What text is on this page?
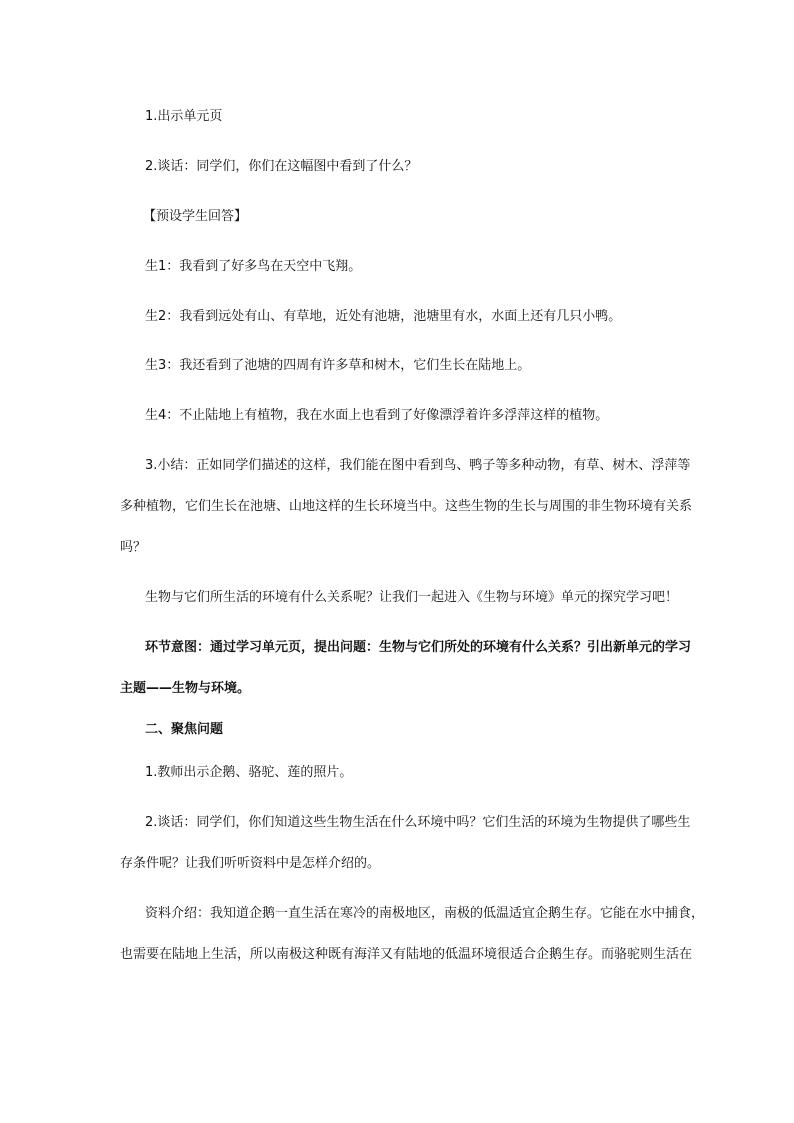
1.出示单元页
2.谈话：同学们，你们在这幅图中看到了什么？
【预设学生回答】
生1：我看到了好多鸟在天空中飞翔。
生2：我看到远处有山、有草地，近处有池塘，池塘里有水，水面上还有几只小鸭。
生3：我还看到了池塘的四周有许多草和树木，它们生长在陆地上。
生4：不止陆地上有植物，我在水面上也看到了好像漂浮着许多浮萍这样的植物。
3.小结：正如同学们描述的这样，我们能在图中看到鸟、鸭子等多种动物，有草、树木、浮萍等
多种植物，它们生长在池塘、山地这样的生长环境当中。这些生物的生长与周围的非生物环境有关系
吗？
生物与它们所生活的环境有什么关系呢？让我们一起进入《生物与环境》单元的探究学习吧！
环节意图：通过学习单元页，提出问题：生物与它们所处的环境有什么关系？引出新单元的学习
主题——生物与环境。
二、聚焦问题
1.教师出示企鹅、骆驼、莲的照片。
2.谈话：同学们，你们知道这些生物生活在什么环境中吗？它们生活的环境为生物提供了哪些生
存条件呢？让我们听听资料中是怎样介绍的。
资料介绍：我知道企鹅一直生活在寒冷的南极地区，南极的低温适宜企鹅生存。它能在水中捕食，
也需要在陆地上生活，所以南极这种既有海洋又有陆地的低温环境很适合企鹅生存。而骆驼则生活在
